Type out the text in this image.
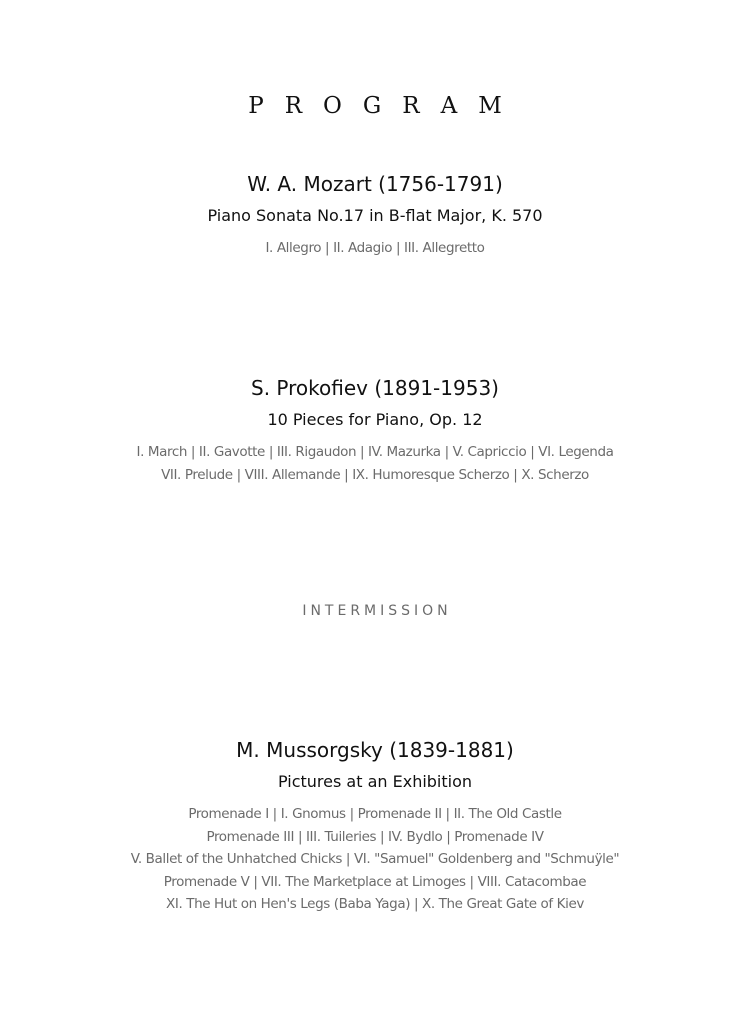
PROGRAM
W. A. Mozart (1756-1791)
Piano Sonata No.17 in B-flat Major, K. 570
I. Allegro | II. Adagio | III. Allegretto
S. Prokofiev (1891-1953)
10 Pieces for Piano, Op. 12
I. March | II. Gavotte | III. Rigaudon | IV. Mazurka | V. Capriccio | VI. Legenda
VII. Prelude | VIII. Allemande | IX. Humoresque Scherzo | X. Scherzo
INTERMISSION
M. Mussorgsky (1839-1881)
Pictures at an Exhibition
Promenade I | I. Gnomus | Promenade II | II. The Old Castle
Promenade III | III. Tuileries | IV. Bydlo | Promenade IV
V. Ballet of the Unhatched Chicks | VI. "Samuel" Goldenberg and "Schmuÿle"
Promenade V | VII. The Marketplace at Limoges | VIII. Catacombae
XI. The Hut on Hen's Legs (Baba Yaga) | X. The Great Gate of Kiev
